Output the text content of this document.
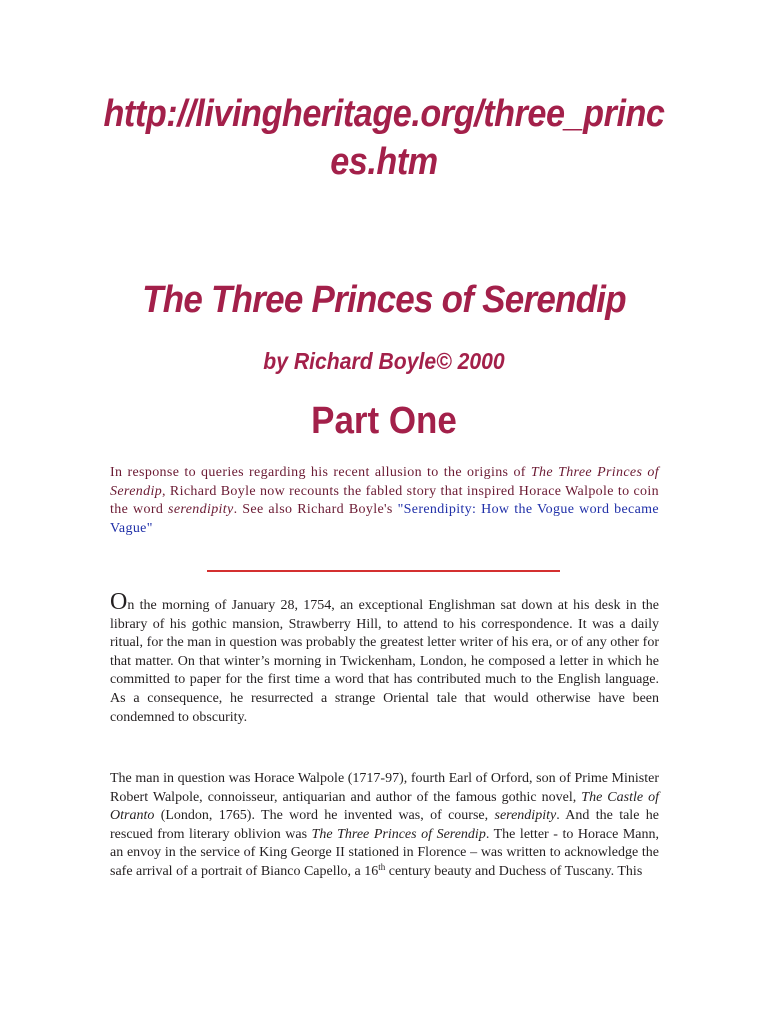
http://livingheritage.org/three_princ
es.htm
The Three Princes of Serendip
by Richard Boyle© 2000
Part One

In response to queries regarding his recent allusion to the origins of The Three Princes of Serendip, Richard Boyle now recounts the fabled story that inspired Horace Walpole to coin the word serendipity. See also Richard Boyle's "Serendipity: How the Vogue word became Vague"

On the morning of January 28, 1754, an exceptional Englishman sat down at his desk in the library of his gothic mansion, Strawberry Hill, to attend to his correspondence. It was a daily ritual, for the man in question was probably the greatest letter writer of his era, or of any other for that matter. On that winter’s morning in Twickenham, London, he composed a letter in which he committed to paper for the first time a word that has contributed much to the English language. As a consequence, he resurrected a strange Oriental tale that would otherwise have been condemned to obscurity.

The man in question was Horace Walpole (1717-97), fourth Earl of Orford, son of Prime Minister Robert Walpole, connoisseur, antiquarian and author of the famous gothic novel, The Castle of Otranto (London, 1765). The word he invented was, of course, serendipity. And the tale he rescued from literary oblivion was The Three Princes of Serendip. The letter - to Horace Mann, an envoy in the service of King George II stationed in Florence – was written to acknowledge the safe arrival of a portrait of Bianco Capello, a 16th century beauty and Duchess of Tuscany. This
